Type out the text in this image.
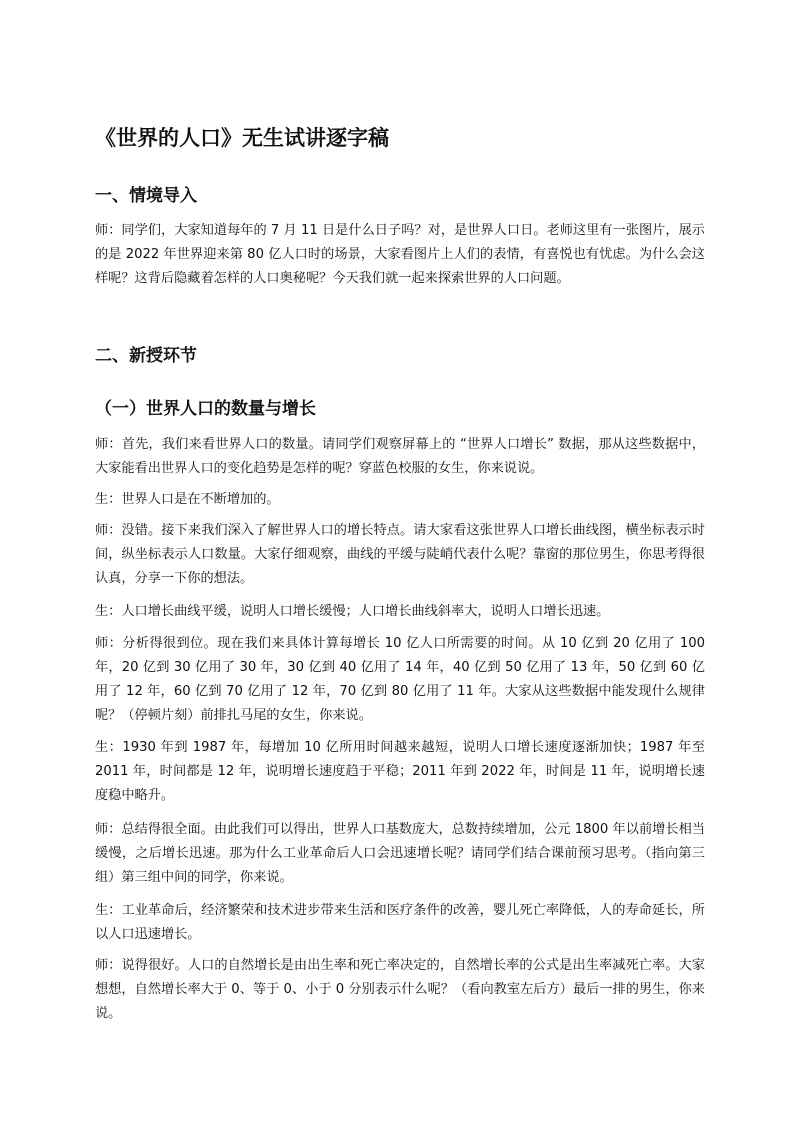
《世界的人口》无生试讲逐字稿
一、情境导入

师：同学们，大家知道每年的 7 月 11 日是什么日子吗？对，是世界人口日。老师这里有一张图片，展示的是 2022 年世界迎来第 80 亿人口时的场景，大家看图片上人们的表情，有喜悦也有忧虑。为什么会这样呢？这背后隐藏着怎样的人口奥秘呢？今天我们就一起来探索世界的人口问题。

二、新授环节
（一）世界人口的数量与增长

师：首先，我们来看世界人口的数量。请同学们观察屏幕上的 “世界人口增长” 数据，那从这些数据中，大家能看出世界人口的变化趋势是怎样的呢？穿蓝色校服的女生，你来说说。

生：世界人口是在不断增加的。

师：没错。接下来我们深入了解世界人口的增长特点。请大家看这张世界人口增长曲线图，横坐标表示时间，纵坐标表示人口数量。大家仔细观察，曲线的平缓与陡峭代表什么呢？靠窗的那位男生，你思考得很认真，分享一下你的想法。

生：人口增长曲线平缓，说明人口增长缓慢；人口增长曲线斜率大，说明人口增长迅速。

师：分析得很到位。现在我们来具体计算每增长 10 亿人口所需要的时间。从 10 亿到 20 亿用了 100 年，20 亿到 30 亿用了 30 年，30 亿到 40 亿用了 14 年，40 亿到 50 亿用了 13 年，50 亿到 60 亿用了 12 年，60 亿到 70 亿用了 12 年，70 亿到 80 亿用了 11 年。大家从这些数据中能发现什么规律呢？（停顿片刻）前排扎马尾的女生，你来说。

生：1930 年到 1987 年，每增加 10 亿所用时间越来越短，说明人口增长速度逐渐加快；1987 年至 2011 年，时间都是 12 年，说明增长速度趋于平稳；2011 年到 2022 年，时间是 11 年，说明增长速度稳中略升。

师：总结得很全面。由此我们可以得出，世界人口基数庞大，总数持续增加，公元 1800 年以前增长相当缓慢，之后增长迅速。那为什么工业革命后人口会迅速增长呢？请同学们结合课前预习思考。（指向第三组）第三组中间的同学，你来说。

生：工业革命后，经济繁荣和技术进步带来生活和医疗条件的改善，婴儿死亡率降低，人的寿命延长，所以人口迅速增长。

师：说得很好。人口的自然增长是由出生率和死亡率决定的，自然增长率的公式是出生率减死亡率。大家想想，自然增长率大于 0、等于 0、小于 0 分别表示什么呢？（看向教室左后方）最后一排的男生，你来说。
